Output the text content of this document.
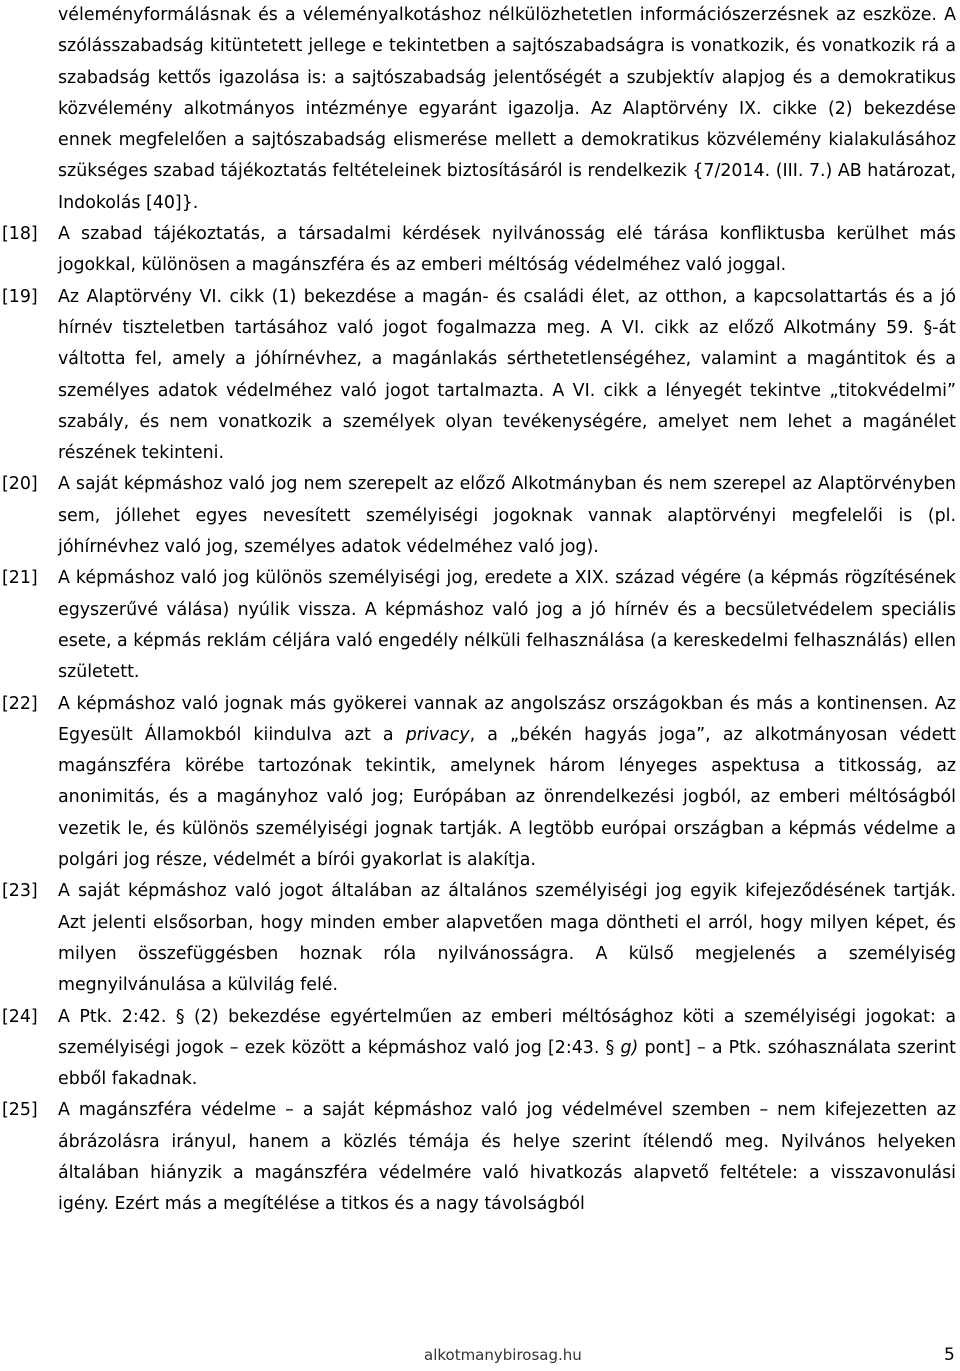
véleményformálásnak és a véleményalkotáshoz nélkülözhetetlen információszerzésnek az eszköze. A szólásszabadság kitüntetett jellege e tekintetben a sajtószabadságra is vonatkozik, és vonatkozik rá a szabadság kettős igazolása is: a sajtószabadság jelentőségét a szubjektív alapjog és a demokratikus közvélemény alkotmányos intézménye egyaránt igazolja. Az Alaptörvény IX. cikke (2) bekezdése ennek megfelelően a sajtószabadság elismerése mellett a demokratikus közvélemény kialakulásához szükséges szabad tájékoztatás feltételeinek biztosításáról is rendelkezik {7/2014. (III. 7.) AB határozat, Indokolás [40]}.

[18]	A szabad tájékoztatás, a társadalmi kérdések nyilvánosság elé tárása konfliktusba kerülhet más jogokkal, különösen a magánszféra és az emberi méltóság védelméhez való joggal.

[19]	Az Alaptörvény VI. cikk (1) bekezdése a magán- és családi élet, az otthon, a kapcsolattartás és a jó hírnév tiszteletben tartásához való jogot fogalmazza meg. A VI. cikk az előző Alkotmány 59. §-át váltotta fel, amely a jóhírnévhez, a magánlakás sérthetetlenségéhez, valamint a magántitok és a személyes adatok védelméhez való jogot tartalmazta. A VI. cikk a lényegét tekintve „titokvédelmi” szabály, és nem vonatkozik a személyek olyan tevékenységére, amelyet nem lehet a magánélet részének tekinteni.

[20]	A saját képmáshoz való jog nem szerepelt az előző Alkotmányban és nem szerepel az Alaptörvényben sem, jóllehet egyes nevesített személyiségi jogoknak vannak alaptörvényi megfelelői is (pl. jóhírnévhez való jog, személyes adatok védelméhez való jog).

[21]	A képmáshoz való jog különös személyiségi jog, eredete a XIX. század végére (a képmás rögzítésének egyszerűvé válása) nyúlik vissza. A képmáshoz való jog a jó hírnév és a becsületvédelem speciális esete, a képmás reklám céljára való engedély nélküli felhasználása (a kereskedelmi felhasználás) ellen született.

[22]	A képmáshoz való jognak más gyökerei vannak az angolszász országokban és más a kontinensen. Az Egyesült Államokból kiindulva azt a privacy, a „békén hagyás joga”, az alkotmányosan védett magánszféra körébe tartozónak tekintik, amelynek három lényeges aspektusa a titkosság, az anonimitás, és a magányhoz való jog; Európában az önrendelkezési jogból, az emberi méltóságból vezetik le, és különös személyiségi jognak tartják. A legtöbb európai országban a képmás védelme a polgári jog része, védelmét a bírói gyakorlat is alakítja.

[23]	A saját képmáshoz való jogot általában az általános személyiségi jog egyik kifejeződésének tartják. Azt jelenti elsősorban, hogy minden ember alapvetően maga döntheti el arról, hogy milyen képet, és milyen összefüggésben hoznak róla nyilvánosságra. A külső megjelenés a személyiség megnyilvánulása a külvilág felé.

[24]	A Ptk. 2:42. § (2) bekezdése egyértelműen az emberi méltósághoz köti a személyiségi jogokat: a személyiségi jogok – ezek között a képmáshoz való jog [2:43. § g) pont] – a Ptk. szóhasználata szerint ebből fakadnak.

[25]	A magánszféra védelme – a saját képmáshoz való jog védelmével szemben – nem kifejezetten az ábrázolásra irányul, hanem a közlés témája és helye szerint ítélendő meg. Nyilvános helyeken általában hiányzik a magánszféra védelmére való hivatkozás alapvető feltétele: a visszavonulási igény. Ezért más a megítélése a titkos és a nagy távolságból

alkotmanybirosag.hu	5
